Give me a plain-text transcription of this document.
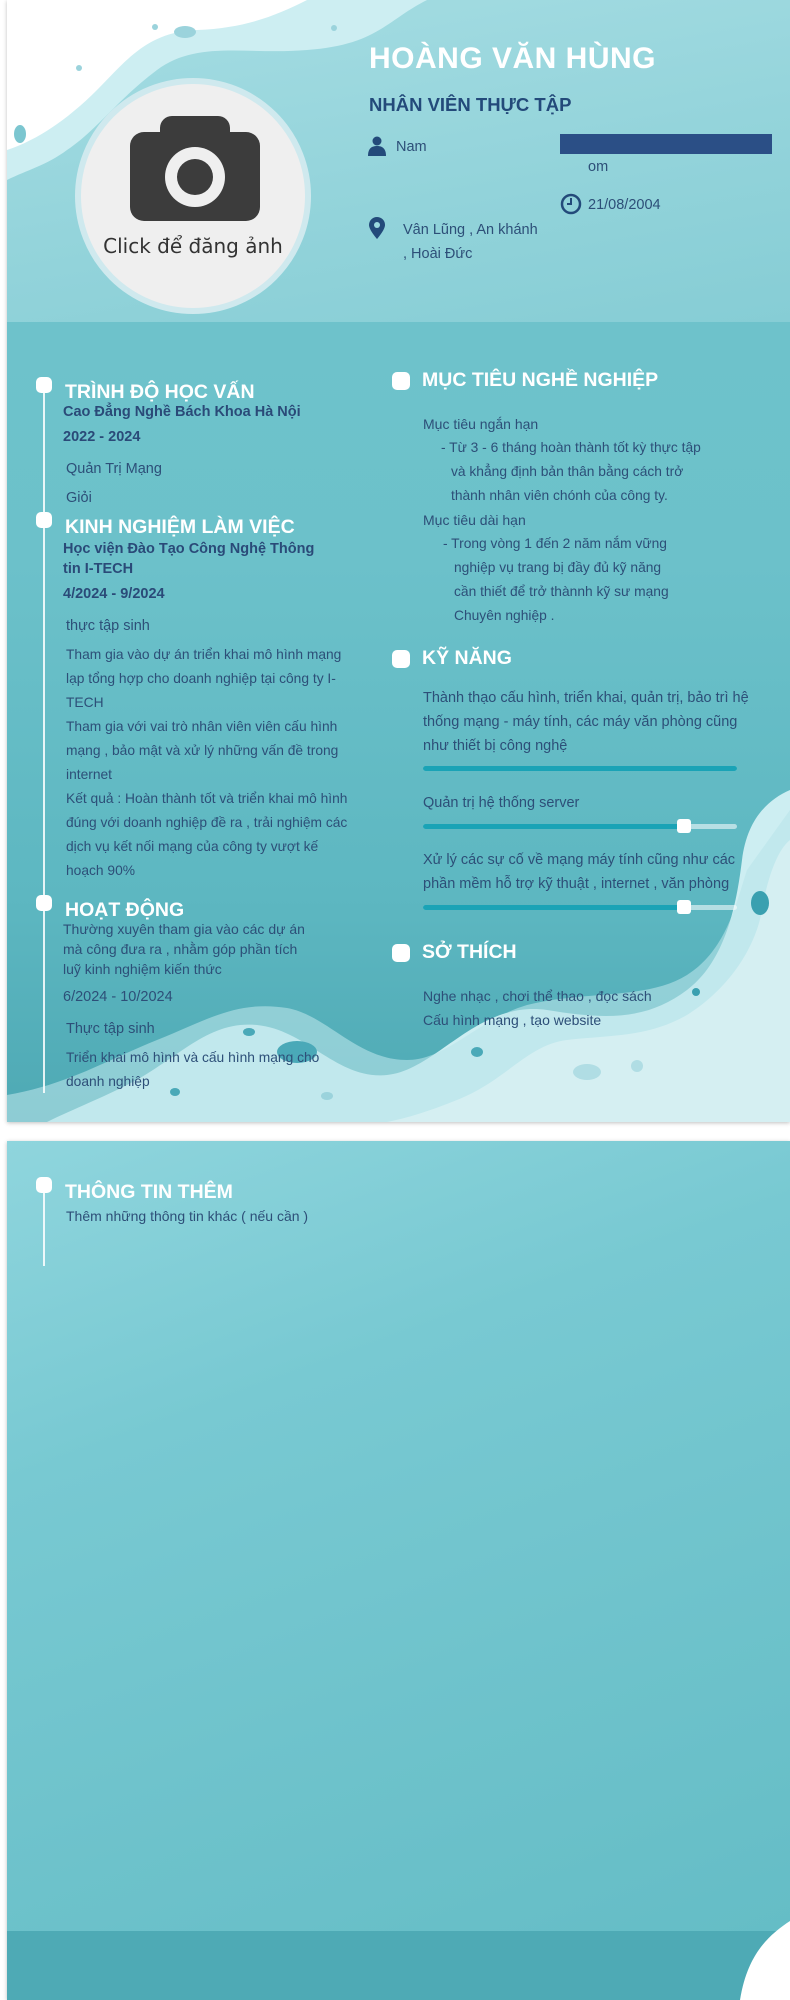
Click để đăng ảnh
HOÀNG VĂN HÙNG
NHÂN VIÊN THỰC TẬP
Nam
om
21/08/2004
Vân Lũng , An khánh
, Hoài Đức
TRÌNH ĐỘ HỌC VẤN
Cao Đẳng Nghề Bách Khoa Hà Nội
2022 - 2024
Quản Trị Mạng
Giỏi
KINH NGHIỆM LÀM VIỆC
Học viện Đào Tạo Công Nghệ Thông
tin I-TECH
4/2024 - 9/2024
thực tập sinh
Tham gia vào dự án triển khai mô hình mạng
lạp tổng hợp cho doanh nghiệp tại công ty I-
TECH
Tham gia với vai trò nhân viên viên cấu hình
mạng , bảo mật và xử lý những vấn đề trong
internet
Kết quả : Hoàn thành tốt và triển khai mô hình
đúng với doanh nghiệp đề ra , trải nghiệm các
dịch vụ kết nối mạng của công ty vượt kế
hoạch 90%
HOẠT ĐỘNG
Thường xuyên tham gia vào các dự án
mà công đưa ra , nhằm góp phần tích
luỹ kinh nghiệm kiến thức
6/2024 - 10/2024
Thực tập sinh
Triển khai mô hình và cấu hình mạng cho
doanh nghiệp
MỤC TIÊU NGHỀ NGHIỆP
Mục tiêu ngắn hạn
- Từ 3 - 6 tháng hoàn thành tốt kỳ thực tập
và khẳng định bản thân bằng cách trở
thành nhân viên chónh của công ty.
Mục tiêu dài hạn
- Trong vòng 1 đến 2 năm nắm vững
nghiệp vụ trang bị đầy đủ kỹ năng
cần thiết để trở thànnh kỹ sư mạng
Chuyên nghiệp .
KỸ NĂNG
Thành thạo cấu hình, triển khai, quản trị, bảo trì hệ
thống mạng - máy tính, các máy văn phòng cũng
như thiết bị công nghệ
Quản trị hệ thống server
Xử lý các sự cố về mạng máy tính cũng như các
phần mềm hỗ trợ kỹ thuật , internet , văn phòng
SỞ THÍCH
Nghe nhạc , chơi thể thao , đọc sách
Cấu hình mạng , tạo website
THÔNG TIN THÊM
Thêm những thông tin khác ( nếu cần )
